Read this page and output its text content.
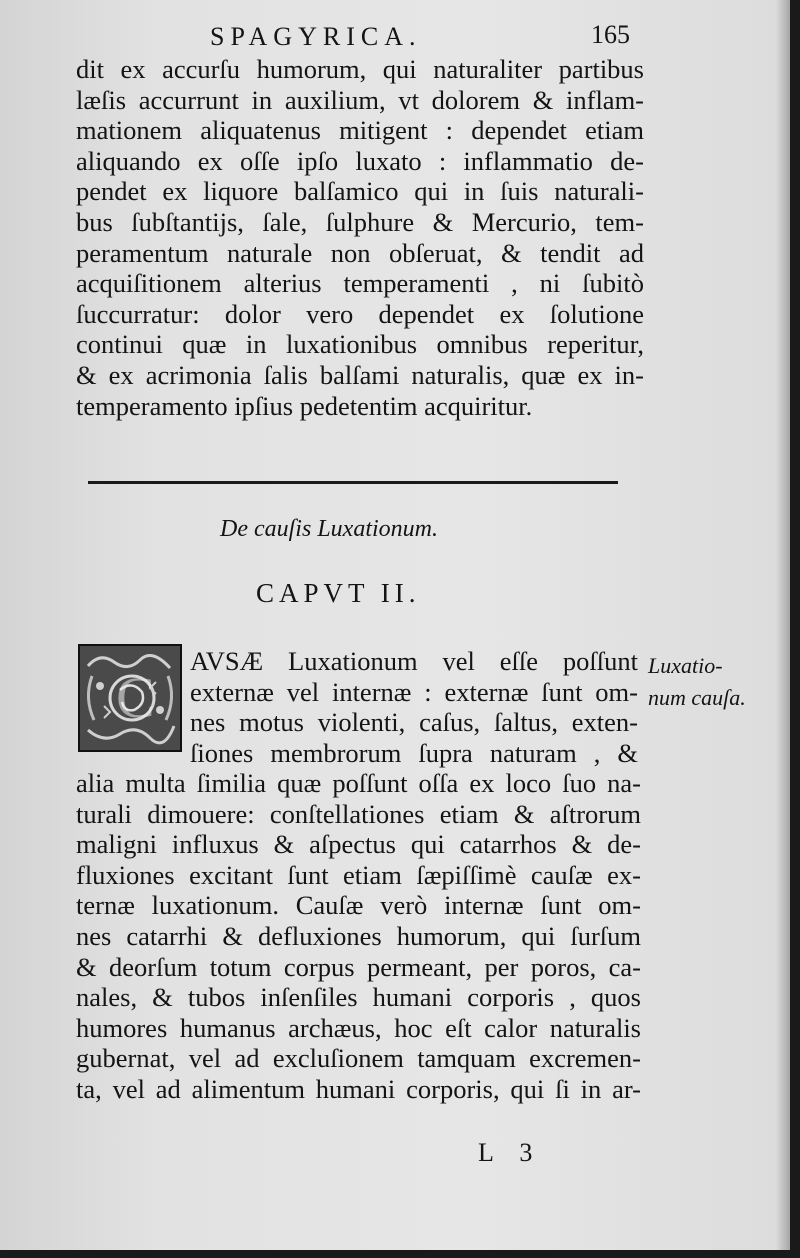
SPAGYRICA.	165
dit ex accurſu humorum, qui naturaliter partibus
læſis accurrunt in auxilium, vt dolorem & inflam-
mationem aliquatenus mitigent : dependet etiam
aliquando ex oſſe ipſo luxato : inflammatio de-
pendet ex liquore balſamico qui in ſuis naturali-
bus ſubſtantijs, ſale, ſulphure & Mercurio, tem-
peramentum naturale non obſeruat, & tendit ad
acquiſitionem alterius temperamenti , ni ſubitò
ſuccurratur: dolor vero dependet ex ſolutione
continui quæ in luxationibus omnibus reperitur,
& ex acrimonia ſalis balſami naturalis, quæ ex in-
temperamento ipſius pedetentim acquiritur.
De cauſis Luxationum.
CAPVT II.
C
AVSÆ Luxationum vel eſſe poſſunt
externæ vel internæ : externæ ſunt om-
nes motus violenti, caſus, ſaltus, exten-
ſiones membrorum ſupra naturam , &
Luxatio-
num cauſa.
alia multa ſimilia quæ poſſunt oſſa ex loco ſuo na-
turali dimouere: conſtellationes etiam & aſtrorum
maligni influxus & aſpectus qui catarrhos & de-
fluxiones excitant ſunt etiam ſæpiſſimè cauſæ ex-
ternæ luxationum. Cauſæ verò internæ ſunt om-
nes catarrhi & defluxiones humorum, qui ſurſum
& deorſum totum corpus permeant, per poros, ca-
nales, & tubos inſenſiles humani corporis , quos
humores humanus archæus, hoc eſt calor naturalis
gubernat, vel ad excluſionem tamquam excremen-
ta, vel ad alimentum humani corporis, qui ſi in ar-
L 3
